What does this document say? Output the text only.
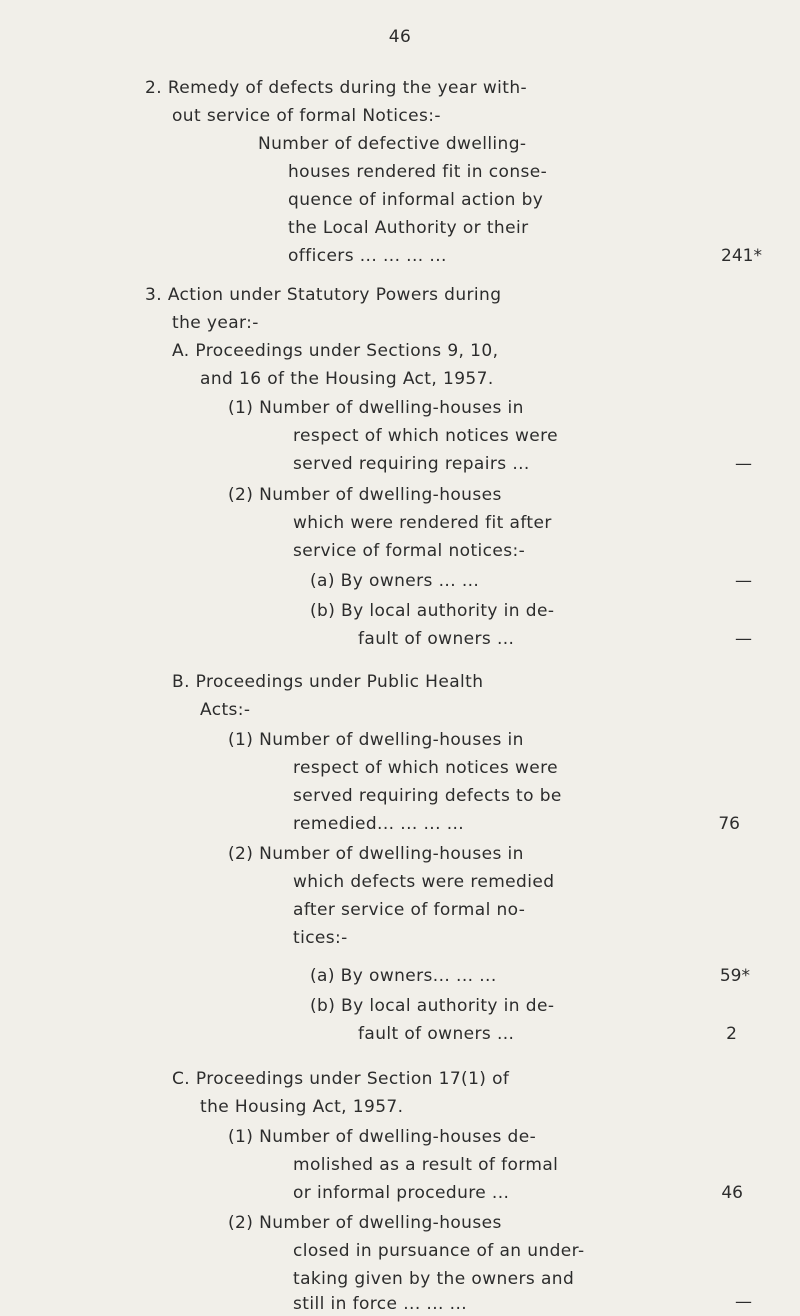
46
2. Remedy of defects during the year with-
out service of formal Notices:-
Number of defective dwelling-
houses rendered fit in conse-
quence of informal action by
the Local Authority or their
officers ... ... ... ...	241*
3. Action under Statutory Powers during
the year:-
A. Proceedings under Sections 9, 10,
and 16 of the Housing Act, 1957.
(1) Number of dwelling-houses in
respect of which notices were
served requiring repairs ...	—
(2) Number of dwelling-houses
which were rendered fit after
service of formal notices:-
(a) By owners ... ...	—
(b) By local authority in de-
fault of owners ...	—
B. Proceedings under Public Health
Acts:-
(1) Number of dwelling-houses in
respect of which notices were
served requiring defects to be
remedied... ... ... ...	76
(2) Number of dwelling-houses in
which defects were remedied
after service of formal no-
tices:-
(a) By owners... ... ...	59*
(b) By local authority in de-
fault of owners ...	2
C. Proceedings under Section 17(1) of
the Housing Act, 1957.
(1) Number of dwelling-houses de-
molished as a result of formal
or informal procedure ...	46
(2) Number of dwelling-houses
closed in pursuance of an under-
taking given by the owners and
still in force ... ... ...	—
